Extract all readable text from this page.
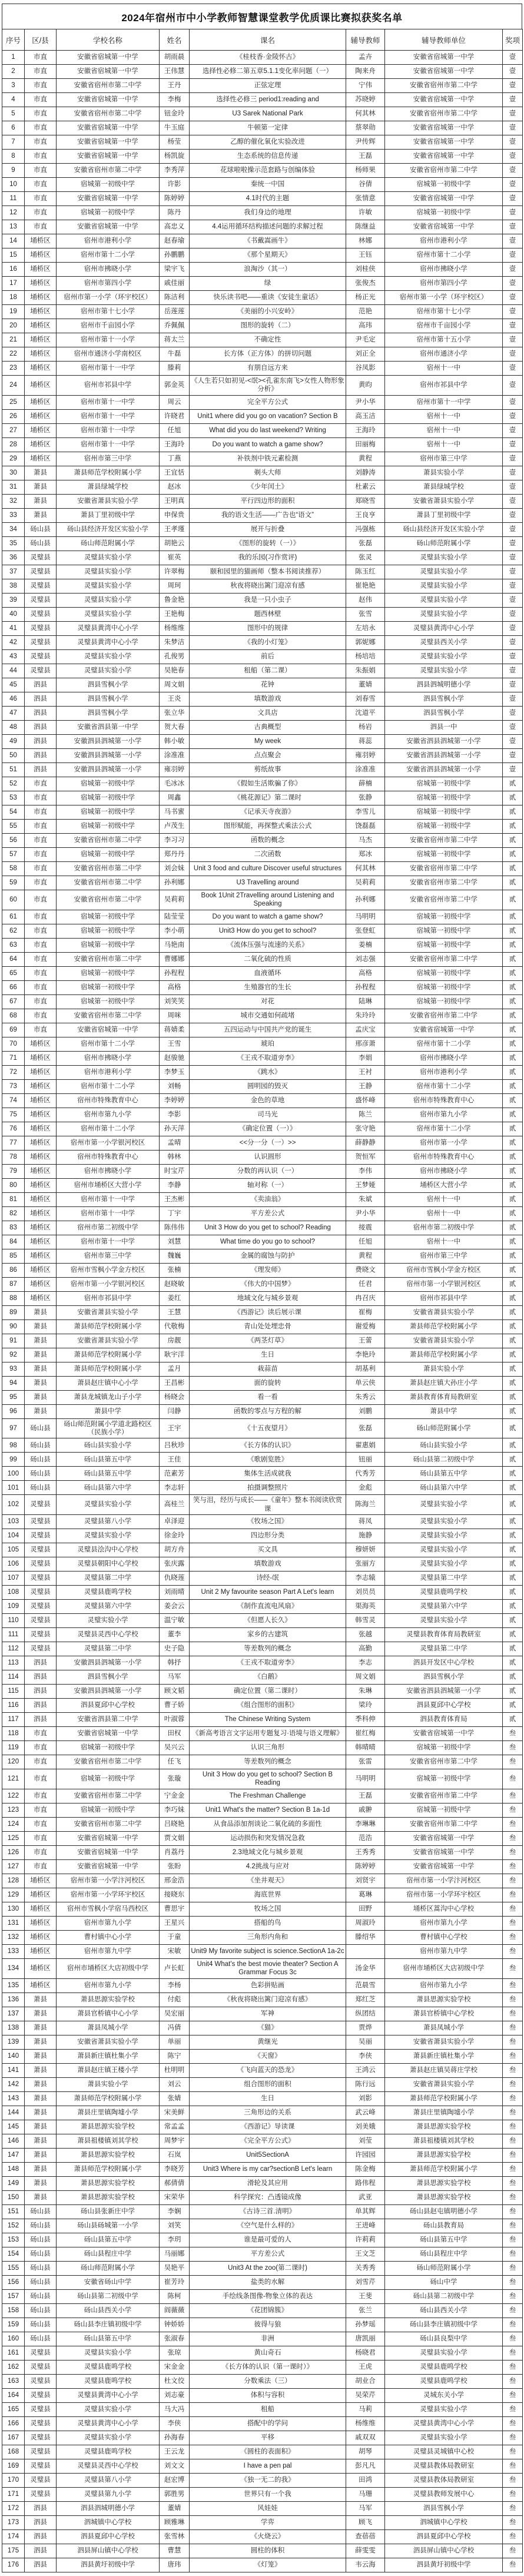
2024年宿州市中小学教师智慧课堂教学优质课比赛拟获奖名单
序号	区/县	学校名称	姓名	课名	辅导教师	辅导教师单位	奖项
1	市直	安徽省宿城第一中学	胡雨晨	《桂枝香·金陵怀古》	孟卉	安徽省宿城第一中学	壹
2	市直	安徽省宿城第一中学	王伟慧	选择性必修二第五章5.1.1变化率问题（一）	陶来舟	安徽省宿城第一中学	壹
3	市直	安徽省宿州市第二中学	王丹	正弦定理	宁伟	安徽省宿州市第二中学	壹
4	市直	安徽省宿城第一中学	李梅	选择性必修三 period1:reading and	苏晓婷	安徽省宿城第一中学	壹
5	市直	安徽省宿州市第二中学	钮金玲	U3 Sarek National Park	何其林	安徽省宿州市第二中学	壹
6	市直	安徽省宿城第一中学	牛玉庭	牛顿第一定律	蔡翠勋	安徽省宿城第一中学	壹
7	市直	安徽省宿城第一中学	杨莹	乙醇的催化氧化实验改进	尹传辉	安徽省宿城第一中学	壹
8	市直	安徽省宿城第一中学	杨凯旋	生态系统的信息传递	王磊	安徽省宿城第一中学	壹
9	市直	安徽省宿州市第二中学	李秀萍	花球啦啦操示范套路与创编体验	杨师果	安徽省宿州市第二中学	壹
10	市直	宿城第一初级中学	许影	秦统一中国	谷倩	宿城第一初级中学	壹
11	市直	安徽省宿城第一中学	陈婷婷	4.1时代的主题	张情意	安徽省宿城第一中学	壹
12	市直	宿城第一初级中学	陈丹	我们身边的地理	许敏	宿城第一初级中学	壹
13	市直	安徽省宿城第一中学	高忠义	4.4运用循环结构描述问题的求解过程	陈继益	安徽省宿城第一中学	壹
14	埇桥区	宿州市港利小学	赵春瑜	《书戴嵩画牛》	林娜	宿州市港利小学	壹
15	埇桥区	宿州市第十二小学	孙鹏鹏	《那个星期天》	王钰	宿州市第十二小学	壹
16	埇桥区	宿州市拂晓小学	梁宇飞	浪淘沙（其一）	刘桂侠	宿州市拂晓小学	壹
17	埇桥区	宿州市第四小学	戚佳丽	绿	张俊杰	宿州市第四小学	壹
18	埇桥区	宿州市第一小学（环宇校区）	陈洁利	快乐读书吧——重读《安徒生童话》	杨正光	宿州市第一小学（环宇校区）	壹
19	埇桥区	宿州市第十七小学	岳莲莲	《美丽的小兴安岭》	范艳	宿州市第十七小学	壹
20	埇桥区	宿州市千亩园小学	乔佩佩	图形的旋转（二）	高玮	宿州市千亩园小学	壹
21	埇桥区	宿州市第十一小学	蒋太兰	不确定性	尹毛定	宿州市第十五小学	壹
22	埇桥区	宿州市通济小学南校区	牛磊	长方体（正方体）的拼切问题	刘正全	宿州市通济小学	壹
23	埇桥区	宿州市第十一中学	滕莉	有朋自远方来	谷凤影	宿州十一中	壹
24	埇桥区	宿州市祁县中学	郭金英	《人生若只如初见-<氓><孔雀东南飞>女性人物形象分析》	黄昀	宿州市祁县中学	壹
25	埇桥区	宿州市第十一中学	周云	完全平方公式	尹小华	宿州市第十一中学	壹
26	埇桥区	宿州市第十一中学	许晓君	Unit1 where did you go on vacation? Section B	高玉洁	宿州十一中	壹
27	埇桥区	宿州市第十一中学	任旭	What did you do last weekend? Writing	王海玲	宿州十一中	壹
28	埇桥区	宿州市第十一中学	王海玲	Do you want to watch a game show?	田丽梅	宿州十一中	壹
29	埇桥区	宿州市第三中学	丁燕	补铁剂中铁元素检测	黄程	宿州市第三中学	壹
30	萧县	萧县师范学校附属小学	王宜恬	剃头大师	刘静涛	萧县实验小学	壹
31	萧县	萧县绿城学校	赵冰	《少年闰土》	杜素云	萧县绿城学校	壹
32	萧县	安徽省萧县实验小学	王明真	平行四边形的面积	郑晓雪	安徽省萧县实验小学	壹
33	萧县	萧县丁里初级中学	申保贵	我的语文生活——广告也“语文”	王良亨	萧县丁里初级中学	壹
34	砀山县	砀山县经济开发区实验小学	王孝瑾	展开与折叠	冯强栋	砀山县经济开发区实验小学	壹
35	砀山县	砀山师范附属小学	胡艳云	《图形的旋转（一）》	张磊	砀山师范附属小学	壹
36	灵璧县	灵璧县实验小学	崔英	我的乐园(习作赏评)	张灵	灵璧县实验小学	壹
37	灵璧县	灵璧县实验小学	许翠梅	颐和园里的猫画师（整本书阅读推荐）	陈玉红	灵璧县实验小学	壹
38	灵璧县	灵璧县实验小学	周珂	秋夜将晓出篱门迎凉有感	崔艳艳	灵璧县实验小学	壹
39	灵璧县	灵璧县实验小学	鲁金艳	我是一只小虫子	赵伟	灵璧县实验小学	壹
40	灵璧县	灵璧县实验小学	王艳梅	题西林壁	张雪	灵璧县实验小学	壹
41	灵璧县	灵璧县黄湾中心小学	杨维维	图形中的规律	左培永	灵璧县黄湾中心小学	壹
42	灵璧县	灵璧县黄湾中心小学	朱梦洁	《我的小灯笼》	郭妮娜	灵璧县西关小学	壹
43	灵璧县	灵璧县实验小学	孔俊男	前后	杨培培	灵璧县实验小学	壹
44	灵璧县	灵璧县实验小学	吴艳春	租船（第二课）	朱振娟	灵璧县实验小学	壹
45	泗县	泗县雪枫小学	周文娟	花钟	董婧	泗县泗城明德小学	壹
46	泗县	泗县雪枫小学	王炎	填数游戏	刘春雪	泗县雪枫小学	壹
47	泗县	泗县雪枫小学	张立华	文具店	沈道平	泗县雪枫小学	壹
48	泗县	安徽省泗县第一中学	贺大春	古典概型	杨岩	泗县一中	壹
49	泗县	安徽泗县泗城第一小学	韩小敏	My week	蒋蕊	安徽省泗县泗城第一小学	壹
50	泗县	安徽泗县泗城第一小学	涂准准	点点聚会	雍羽婷	安徽省泗县泗城第一小学	壹
51	泗县	安徽泗县泗城第一小学	雍羽婷	剪纸故事	涂准准	安徽省泗县泗城第一小学	壹
52	市直	宿城第一初级中学	毛冰冰	《假如生活欺骗了你》	薛楠	宿城第一初级中学	贰
53	市直	宿城第一初级中学	周鑫	《桃花源记》第二课时	张静	宿城第一初级中学	贰
54	市直	宿城第一初级中学	马书蜜	《记承天寺夜游》	李雪儿	宿城第一初级中学	贰
55	市直	宿城第一初级中学	卢茂生	图形赋能，再探整式乘法公式	饶磊磊	宿城第一初级中学	贰
56	市直	安徽省宿州市第二中学	李习习	函数的概念	马杰	安徽省宿州市第二中学	贰
57	市直	宿城第一初级中学	郑丹丹	二次函数	郑冰	宿城第一初级中学	贰
58	市直	安徽省宿州市第二中学	刘会妹	Unit 3 food and culture Discover useful structures	何其林	安徽省宿州市第二中学	贰
59	市直	安徽省宿州市第二中学	孙利娜	U3 Travelling around	吴莉莉	安徽省宿州市第二中学	贰
60	市直	安徽省宿州市第二中学	吴莉莉	Book 1Unit 2Travelling around Listening and Speaking	孙利娜	安徽省宿州市第二中学	贰
61	市直	宿城第一初级中学	陆莹莹	Do you want to watch a game show?	马明明	宿城第一初级中学	贰
62	市直	宿城第一初级中学	李小萌	Unit3 How do you get to school?	张登虹	宿城第一初级中学	贰
63	市直	宿城第一初级中学	马艳南	《流体压强与流速的关系》	姜楠	宿城第一初级中学	贰
64	市直	安徽省宿州市第二中学	曹娜娜	二氧化硫的性质	刘志强	安徽省宿州市第二中学	贰
65	市直	宿城第一初级中学	孙程程	血液循环	高格	宿城第一初级中学	贰
66	市直	宿城第一初级中学	高格	生殖器官的生长	孙程程	宿城第一初级中学	贰
67	市直	宿城第一初级中学	刘笑笑	对花	陆琳	宿城第一初级中学	贰
68	市直	安徽省宿州市第二中学	周咪	城市交通如何疏堵	朱玲玲	安徽省宿州市第二中学	贰
69	市直	安徽省宿城第一中学	蒋婧柔	五四运动与中国共产党的诞生	孟庆宝	安徽省宿城第一中学	贰
70	埇桥区	宿州市第十二小学	王雪	琥珀	邢彦萧	宿州市第十二小学	贰
71	埇桥区	宿州市拂晓小学	赵骏驰	《王戎不取道旁李》	李娟	宿州市拂晓小学	贰
72	埇桥区	宿州市港利小学	李梦玉	《跳水》	王衬	宿州市港利小学	贰
73	埇桥区	宿州市第十二小学	刘畅	圆明园的毁灭	王静	宿州市第十二小学	贰
74	埇桥区	宿州市特殊教育中心	李婷婷	金色的草地	盛怀峰	宿州市特殊教育中心	贰
75	埇桥区	宿州市第九小学	李影	司马光	陈兰	宿州市第九小学	贰
76	埇桥区	宿州市第十二小学	孙天萍	《确定位置（一）》	张守艳	宿州市第十二小学	贰
77	埇桥区	宿州市第一小学银河校区	孟晴	<<分一分（一）>>	薛静静	宿州市第一小学	贰
78	埇桥区	宿州市特殊教育中心	韩林	认识圆形	贺恒军	宿州市特殊教育中心	贰
79	埇桥区	宿州市拂晓小学	时宝芹	分数的再认识（一）	李伟	宿州市拂晓小学	贰
80	埇桥区	宿州市埇桥区大营小学	李静	轴对称（一）	王梦娅	埇桥区大营小学	贰
81	埇桥区	宿州市第十一中学	王杰彬	《卖油翁》	朱斌	宿州十一中	贰
82	埇桥区	宿州市第十一中学	丁宇	平方差公式	尹小华	宿州十一中	贰
83	埇桥区	宿州市第二初级中学	陈伟伟	Unit 3 How do you get to school? Reading	接震	宿州市第二初级中学	贰
84	埇桥区	宿州市第十一中学	刘慧	What time do you go to school?	任旭	宿州十一中	贰
85	埇桥区	宿州市第三中学	魏巍	金属的腐蚀与防护	黄程	宿州市第三中学	贰
86	埇桥区	宿州市雪枫小学金方校区	张楠	《理发师》	费晓文	宿州市雪枫小学金方校区	贰
87	埇桥区	宿州市第一小学银河校区	赵晓敏	《伟大的中国梦》	任君	宿州市第一小学银河校区	贰
88	埇桥区	宿州市祁县中学	姜红	地域文化与城乡景观	冉召庆	宿州市祁县中学	贰
89	萧县	安徽省萧县实验小学	王慧	《西游记》读后展示课	崔梅	安徽省萧县实验小学	贰
90	萧县	萧县师范学校附属小学	代敬梅	青山处处埋忠骨	谢爱梅	萧县师范学校附属小学	贰
91	萧县	安徽省萧县实验小学	房靓	《两茎灯草》	王蕾	安徽省萧县实验小学	贰
92	萧县	萧县师范学校附属小学	耿宇洋	生日	李艳玲	萧县师范学校附属小学	贰
93	萧县	萧县师范学校附属小学	孟月	栽蒜苗	胡基利	萧县实验小学	贰
94	萧县	萧县赵庄镇中心小学	王昌彬	面的旋转	单云侠	萧县赵庄镇大孙庄小学	贰
95	萧县	萧县龙城镇龙山子小学	杨晓会	看一看	朱秀云	萧县教育体育局教研室	贰
96	萧县	萧县中学	闫静	函数的零点与方程的解	刘鹏	萧县中学	贰
97	砀山县	砀山师范附属小学道北路校区（民族小学）	王宇	《十五夜望月》	张磊	砀山师范附属小学	贰
98	砀山县	砀山县实验小学	吕秋珍	《长方体的认识》	翟惠娟	砀山县实验小学	贰
99	砀山县	砀山县第五中学	王佳	《歌剧览胜》	钮丽	砀山县第二初级中学	贰
100	砀山县	砀山县第五中学	范素芳	集体生活成就我	代秀芳	砀山县第五中学	贰
101	砀山县	砀山县第六中学	李志轩	拍摄调整照片	金彪	砀山县第六中学	贰
102	灵璧县	灵璧县实验小学	高桂兰	笑与泪，经历与成长——《童年》整本书阅读欣赏课	陈海兰	灵璧县实验小学	贰
103	灵璧县	灵璧县第八小学	卓泽迎	《牧场之国》	蒋凤	灵璧县实验小学	贰
104	灵璧县	灵璧县实验小学	徐金玲	四边形分类	施静	灵璧县实验小学	贰
105	灵璧县	灵璧县浍沟中心学校	胡方舟	买文具	穆妍妍	灵璧县实验小学	贰
106	灵璧县	灵璧县朝阳中心学校	张庆露	填数游戏	张丽方	灵璧县实验小学	贰
107	灵璧县	灵璧县第二中学	仇晓莲	诗经-氓	李志辕	灵璧县第二中学	贰
108	灵璧县	灵璧县鹿鸣学校	刘雨晴	Unit 2 My favourite season Part A Let's learn	刘员员	灵璧县鹿鸣学校	贰
109	灵璧县	灵璧县第六中学	姜会云	《制作直流电风扇》	渠海英	灵璧县第六中学	贰
110	灵璧县	灵璧实验小学	温宁敏	《但愿人长久》	韩雪灵	灵璧县实验小学	贰
111	灵璧县	灵璧县灵西中心学校	董李	家乡的古建筑	张越	灵璧县教育体育局教研室	贰
112	灵璧县	灵璧县第二中学	史子隐	等差数列的概念	高勤	灵璧县第二中学	贰
113	泗县	安徽泗县泗城第一小学	韩抒	《王戎不取道旁李》	李志	泗县开发区中心学校	贰
114	泗县	泗县雪枫小学	马军	《白鹅》	周文娟	泗县雪枫小学	贰
115	泗县	安徽泗县泗城第一小学	顾文韬	确定位置（第二课时）	朱琳	安徽省泗县泗城第一小学	贰
116	泗县	泗县夏邱中心学校	曹子娇	《组合图形的面积》	梁玲	泗县夏邱中心学校	贰
117	泗县	安徽省泗县第二中学	叶淑蓉	The Chinese Writing System	季科伸	泗县教育体育局	贰
118	市直	安徽省宿城第一中学	田权	《新高考语言文字运用专题复习·语境与语义理解》	崔红梅	安徽省宿城第一中学	叁
119	市直	宿城第一初级中学	吴兴云	认识三角形	韩晴晴	宿城第一初级中学	叁
120	市直	安徽省宿州市第二中学	任飞	等差数列的概念	张雷	安徽省宿州市第二中学	叁
121	市直	宿城第一初级中学	张璇	Unit 3 How do you get to school? Section B Reading	马明明	宿城第一初级中学	叁
122	市直	安徽省宿州市第二中学	宁金金	The Freshman Challenge	王磊	安徽省宿州市第二中学	叁
123	市直	宿城第一初级中学	李巧妹	Unit1 What's the matter? Section B 1a-1d	戚翀	宿城第一初级中学	叁
124	市直	安徽省宿州市第二中学	吕晓艳	从食品添加剂谈论二氧化硫的多面性	李琳琳	安徽省宿州市第二中学	叁
125	市直	安徽省宿城第一中学	贾文娟	运动损伤和突发情况急救	范浩	安徽省宿城第一中学	叁
126	市直	安徽省宿城第一中学	肖荔丹	2.3地域文化与城乡景观	王秀秀	安徽省宿城第一中学	叁
127	市直	安徽省宿城第一中学	张盼	4.2挑战与应对	陈婷婷	安徽省宿城第一中学	叁
128	埇桥区	宿州市第一小学汴河校区	邢金浩	《坐井观天》	刘贤宇	宿州市第一小学汴河校区	叁
129	埇桥区	宿州市第一小学环宇校区	接晓东	海底世界	葛琳	宿州市第一小学环宇校区	叁
130	埇桥区	宿州市雪枫小学宿马西校区	曹思宇	牧场之国	田野	埇桥区蒿沟中心学校	叁
131	埇桥区	宿州市第九小学	王星兴	搭船的鸟	周淑玲	宿州市第九小学	叁
132	埇桥区	曹村镇中心小学	于童	三角形内角和	滕绍华	曹村镇中心学校	叁
133	埇桥区	宿州市第九中学	宋敏	Unit9 My favorite subject is science.SectionA 1a-2c		宿州市第九中学	叁
134	埇桥区	宿州市埇桥区大店初级中学	卢长虹	Unit4 What's the best movie theater? Section A Grammar Focus 3c	汤金华	宿州市埇桥区大店初级中学	叁
135	埇桥区	宿州市第九小学	李杨	色彩拼贴画	范晨雪	宿州市第九小学	叁
136	萧县	萧县思源实验学校	付彪	《秋夜将晓出篱门迎凉有感》	郑红芝	萧县思源实验学校	叁
137	萧县	萧县官桥镇中心小学	吴宏丽	军神	纵团结	萧县官桥镇中心学校	叁
138	萧县	萧县凤城小学	冯倩	《猫》	贾烨	萧县凤城小学	叁
139	萧县	安徽省萧县实验小学	单丽	黄继光	吴丽	安徽省萧县实验小学	叁
140	萧县	萧县新庄镇杜集小学	陈宁	《天窗》	李侠	萧县新庄镇杜集小学	叁
141	萧县	萧县赵庄镇王楼小学	杜明明	《飞向蓝天的恐龙》	王鸿云	萧县赵庄镇吴蒋庄学校	叁
142	萧县	萧县实验小学	刘云	组合图形的面积	陈行远	安徽省萧县实验小学	叁
143	萧县	萧县师范学校附属小学	张婧	生日	刘影	萧县师范学校附属小学	叁
144	萧县	萧县庄里镇陶墟小学	宋美鲜	三角形边的关系	武云峰	萧县庄里镇陶墟小学	叁
145	萧县	萧县思源实验学校	常孟孟	《西游记》导读课	刘美娥	萧县思源实验学校	叁
146	萧县	萧县祖楼镇刘其学校	周梦宇	《完全平方公式》	刘莹	萧县祖楼镇刘其学校	叁
147	萧县	萧县思源实验学校	石岚	Unit5SectionA	许园园	萧县思源实验学校	叁
148	萧县	萧县师范学校附属小学	李晓芳	Unit3 Where is my car?sectionB Let's learn	陈金梅	萧县师范学校附属小学	叁
149	萧县	萧县思源实验学校	郝倩倩	滑轮及其应用	路伟程	萧县思源实验学校	叁
150	萧县	萧县思源实验学校	宋荣华	科学探究：凸透镜成像	武亚	萧县思源实验学校	叁
151	砀山县	砀山县张新庄中学	李娴	《古诗三首.清明》	单其辉	砀山县赵屯镇明德小学	叁
152	砀山县	砀山县砀城第一小学	刘笑	《空气是什么样的》	王进峰	砀山县教育局	叁
153	砀山县	砀山县第五中学	李玥	谁是最可爱的人	许莉莉	砀山县第五中学	叁
154	砀山县	砀山县程庄中学	马丽娜	平方差公式	王文芝	砀山县程庄中学	叁
155	砀山县	砀山师范附属小学	吴艳平	Unit3 At the zoo(第二课时)	关秀秀	砀山师范附属小学	叁
156	砀山县	安徽省砀山中学	崔芳玲	盐类的水解	刘雪芹	砀山中学	叁
157	砀山县	砀山县第二初级中学	陈柯	手绘线条图像-物象立体的表达	王斐	砀山县第二初级中学	叁
158	砀山县	砀山县西关小学	阎薇薇	《花团锦簇》	张兰	砀山县西关小学	叁
159	砀山县	砀山县李庄镇初级中学	钟娇娇	彼得与狼	孙梦瑶	砀山县李庄镇初级中学	叁
160	砀山县	砀山县第五中学	张淑春	非洲	唐凯丽	砀山县良梨中学	叁
161	灵璧县	灵璧县实验小学	张琼	黄山奇石	杨晓君	灵璧县实验小学	叁
162	灵璧县	灵璧县鹿鸣学校	宋金金	《长方体的认识（第一课时）》	王虎	灵璧县鹿鸣学校	叁
163	灵璧县	灵璧县鹿鸣学校	杜文佼	分数乘法（三）	胡业合	灵璧县鹿鸣学校	叁
164	灵璧县	灵璧县黄湾中心小学	刘志豪	体积与容积	吴荣芹	灵城东关小学	叁
165	灵璧县	灵璧县实验小学	马大冯	租船	马莉	灵璧县实验小学	叁
166	灵璧县	灵璧县黄湾中心小学	李侠	搭配中的学问	杨维维	灵璧县黄湾中心小学	叁
167	灵璧县	灵璧县实验小学	孙海春	平移	戚双双	灵璧县实验小学	叁
168	灵璧县	灵璧县鹿鸣学校	王云龙	《圆柱的表面积》	胡琴	灵璧县灵城镇中心校	叁
169	灵璧县	灵璧县灵西中心学校	刘文文	I have a pen pal	彭凡凡	灵璧县教体局教研室	叁
170	灵璧县	灵璧县第八小学	赵宏博	《独一无二的我》	田鸿	灵璧县教体局教研室	叁
171	灵璧县	灵璧县第九小学	郭胜男	世界只有一个我	马珊	灵璧县教师发展中心	叁
172	泗县	泗县泗城明德小学	董婧	风娃娃	马军	泗县雪枫小学	叁
173	泗县	泗城镇中心学校	顾雅琳	学弈	顾飞	泗城镇中心学校	叁
174	泗县	泗县夏邱中心学校	张雪林	《火烧云》	查蓓蓓	泗县夏邱中心学校	叁
175	泗县	泗县屏山镇中心学校	曹慧	圆柱的体积	薛雯雯	泗县屏山镇中心学校	叁
176	泗县	泗县黄圩初级中学	唐玮	《灯笼》	韦云海	泗县黄圩初级中学	叁
